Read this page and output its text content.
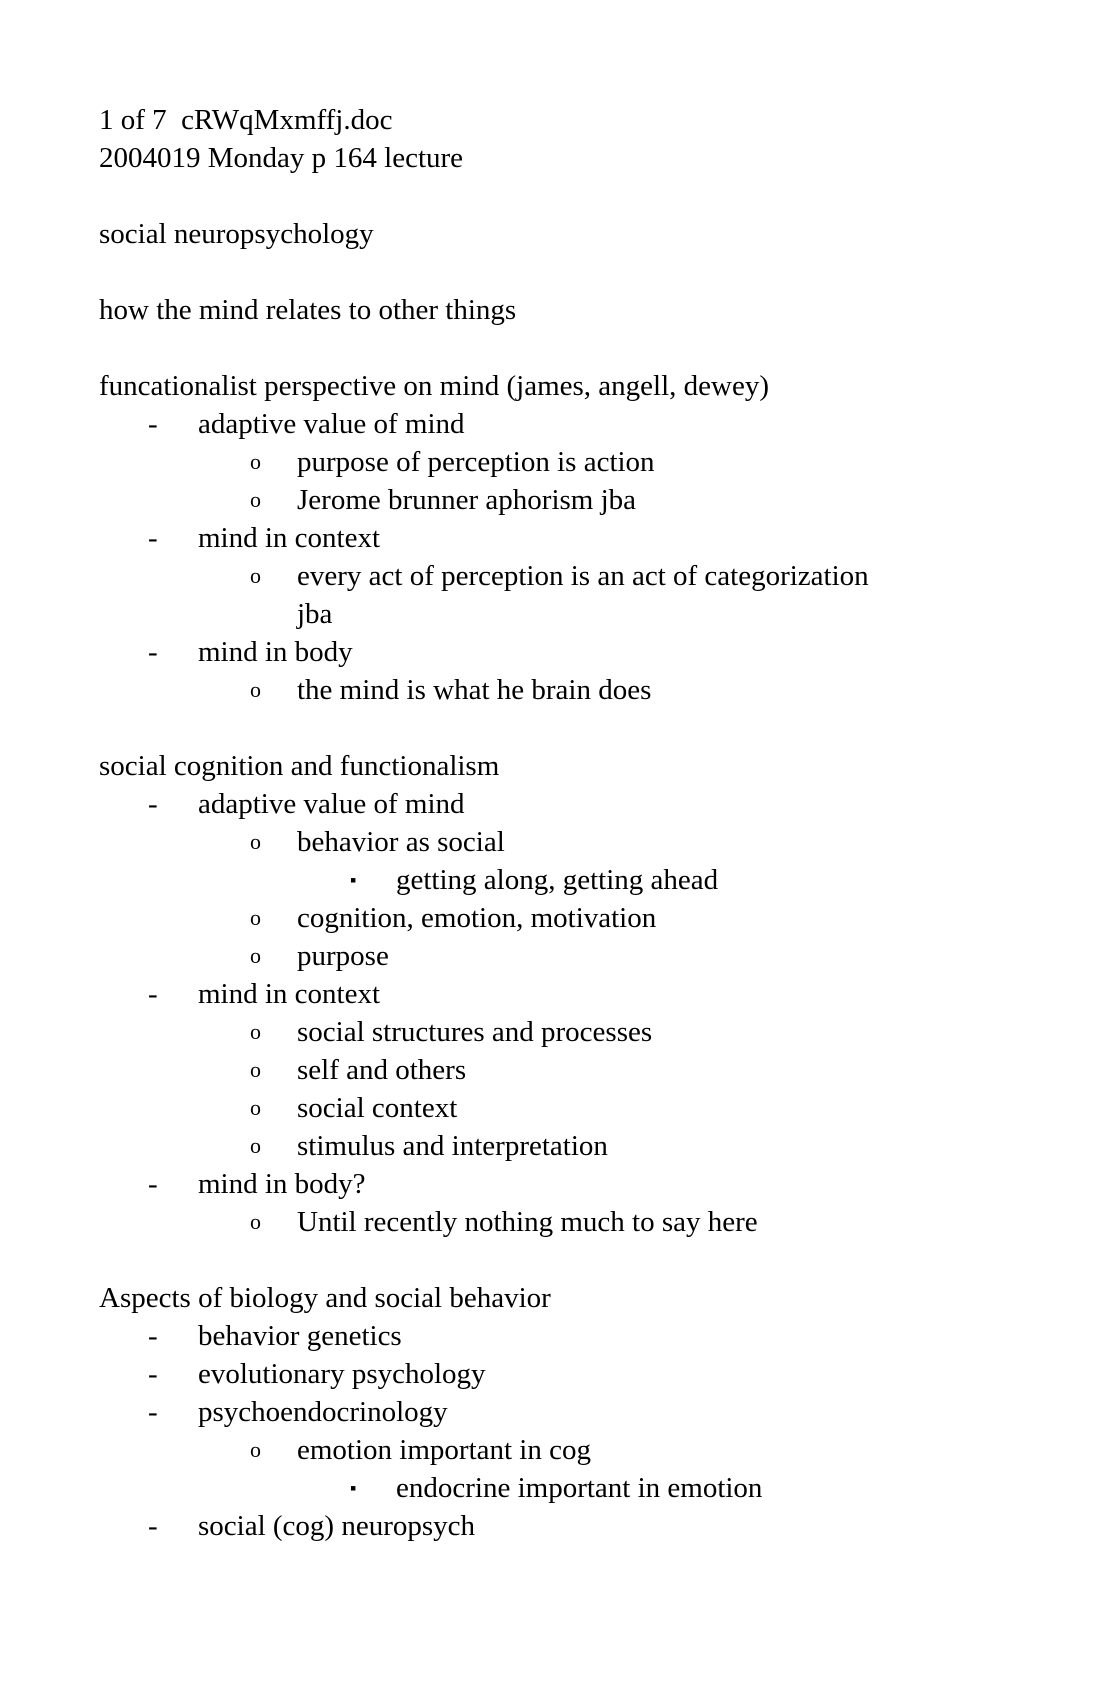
1 of 7 cRWqMxmffj.doc
2004019 Monday p 164 lecture
social neuropsychology
how the mind relates to other things
funcationalist perspective on mind (james, angell, dewey)
- adaptive value of mind
o purpose of perception is action
o Jerome brunner aphorism jba
- mind in context
o every act of perception is an act of categorization
jba
- mind in body
o the mind is what he brain does
social cognition and functionalism
- adaptive value of mind
o behavior as social
▪ getting along, getting ahead
o cognition, emotion, motivation
o purpose
- mind in context
o social structures and processes
o self and others
o social context
o stimulus and interpretation
- mind in body?
o Until recently nothing much to say here
Aspects of biology and social behavior
- behavior genetics
- evolutionary psychology
- psychoendocrinology
o emotion important in cog
▪ endocrine important in emotion
- social (cog) neuropsych
